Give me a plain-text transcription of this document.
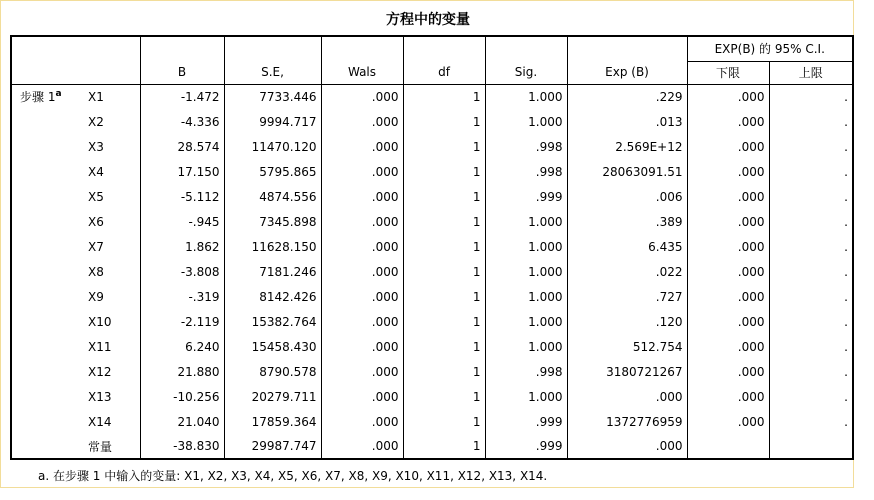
方程中的变量
								EXP(B) 的 95% C.I.	
		B	S.E,	Wals	df	Sig.	Exp (B)	下限	上限
步骤 1$^a$	X1	-1.472	7733.446	.000	1	1.000	.229	.000	.
	X2	-4.336	9994.717	.000	1	1.000	.013	.000	.
	X3	28.574	11470.120	.000	1	.998	2.569E+12	.000	.
	X4	17.150	5795.865	.000	1	.998	28063091.51	.000	.
	X5	-5.112	4874.556	.000	1	.999	.006	.000	.
	X6	-.945	7345.898	.000	1	1.000	.389	.000	.
	X7	1.862	11628.150	.000	1	1.000	6.435	.000	.
	X8	-3.808	7181.246	.000	1	1.000	.022	.000	.
	X9	-.319	8142.426	.000	1	1.000	.727	.000	.
	X10	-2.119	15382.764	.000	1	1.000	.120	.000	.
	X11	6.240	15458.430	.000	1	1.000	512.754	.000	.
	X12	21.880	8790.578	.000	1	.998	3180721267	.000	.
	X13	-10.256	20279.711	.000	1	1.000	.000	.000	.
	X14	21.040	17859.364	.000	1	.999	1372776959	.000	.
	常量	-38.830	29987.747	.000	1	.999	.000		
a. 在步骤 1 中输入的变量: X1, X2, X3, X4, X5, X6, X7, X8, X9, X10, X11, X12, X13, X14.
